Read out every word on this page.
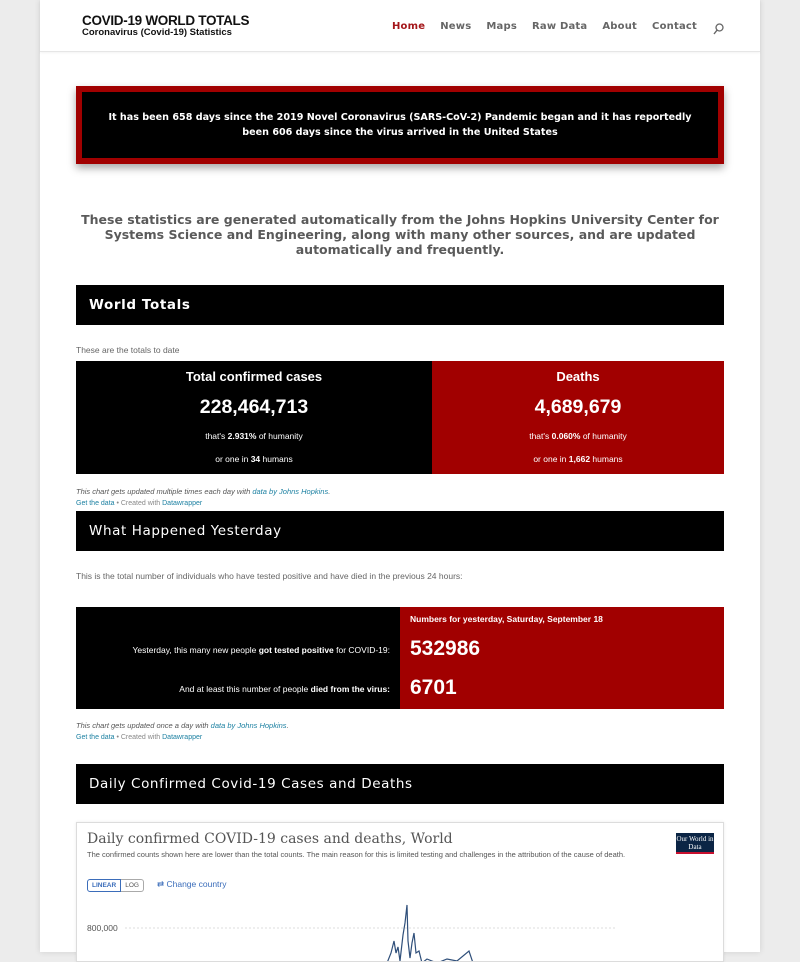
COVID-19 WORLD TOTALS
Coronavirus (Covid-19) Statistics
Home News Maps Raw Data About Contact
It has been 658 days since the 2019 Novel Coronavirus (SARS-CoV-2) Pandemic began and it has reportedly been 606 days since the virus arrived in the United States
These statistics are generated automatically from the Johns Hopkins University Center for Systems Science and Engineering, along with many other sources, and are updated automatically and frequently.
World Totals
These are the totals to date
Total confirmed cases
228,464,713
that's 2.931% of humanity
or one in 34 humans
Deaths
4,689,679
that's 0.060% of humanity
or one in 1,662 humans
This chart gets updated multiple times each day with data by Johns Hopkins.
Get the data • Created with Datawrapper
What Happened Yesterday
This is the total number of individuals who have tested positive and have died in the previous 24 hours:
Yesterday, this many new people got tested positive for COVID-19:
And at least this number of people died from the virus:
Numbers for yesterday, Saturday, September 18
532986
6701
This chart gets updated once a day with data by Johns Hopkins.
Get the data • Created with Datawrapper
Daily Confirmed Covid-19 Cases and Deaths
Daily confirmed COVID-19 cases and deaths, World
The confirmed counts shown here are lower than the total counts. The main reason for this is limited testing and challenges in the attribution of the cause of death.
Our World in Data
LINEAR	LOG	⇄ Change country
800,000
